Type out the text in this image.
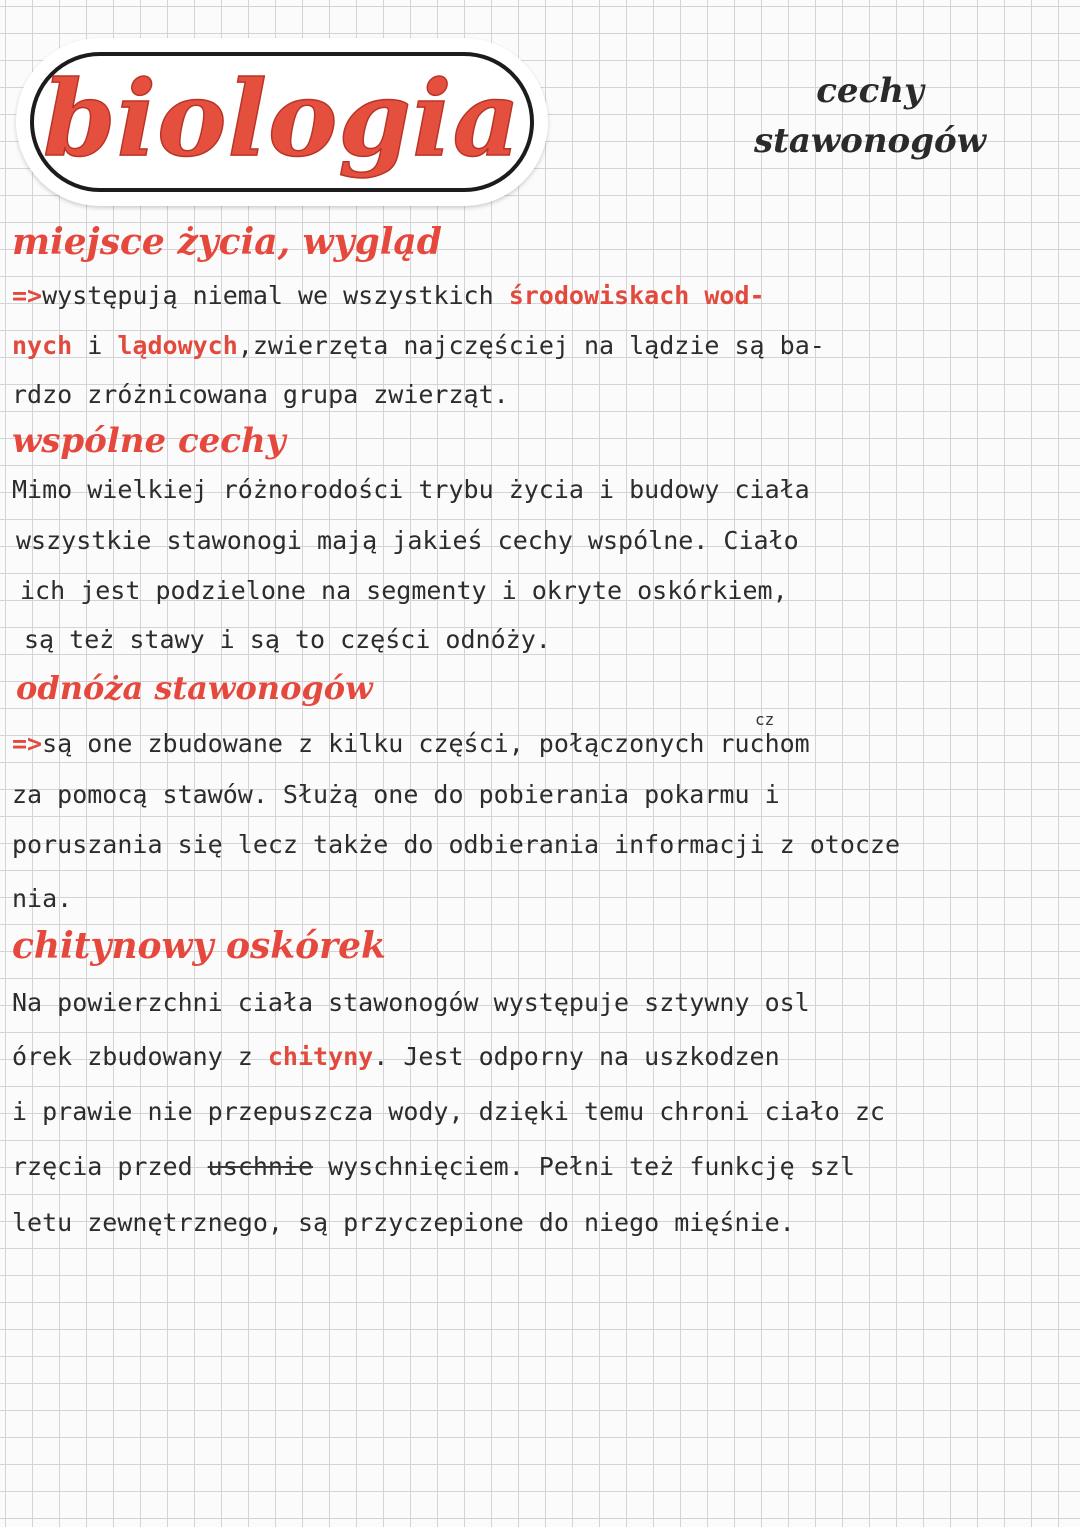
biologia	cechy
stawonogów
miejsce życia, wygląd
=>występują niemal we wszystkich środowiskach wod-
nych i lądowych,zwierzęta najczęściej na lądzie są ba-
rdzo zróżnicowana grupa zwierząt.
wspólne cechy
Mimo wielkiej różnorodości trybu życia i budowy ciała
wszystkie stawonogi mają jakieś cechy wspólne. Ciało
ich jest podzielone na segmenty i okryte oskórkiem,
są też stawy i są to części odnóży.
odnóża stawonogów
cz
=>są one zbudowane z kilku części, połączonych ruchom
za pomocą stawów. Służą one do pobierania pokarmu i
poruszania się lecz także do odbierania informacji z otocze
nia.
chitynowy oskórek
Na powierzchni ciała stawonogów występuje sztywny osl
órek zbudowany z chityny. Jest odporny na uszkodzen
i prawie nie przepuszcza wody, dzięki temu chroni ciało zc
rzęcia przed uschnie wyschnięciem. Pełni też funkcję szl
letu zewnętrznego, są przyczepione do niego mięśnie.
